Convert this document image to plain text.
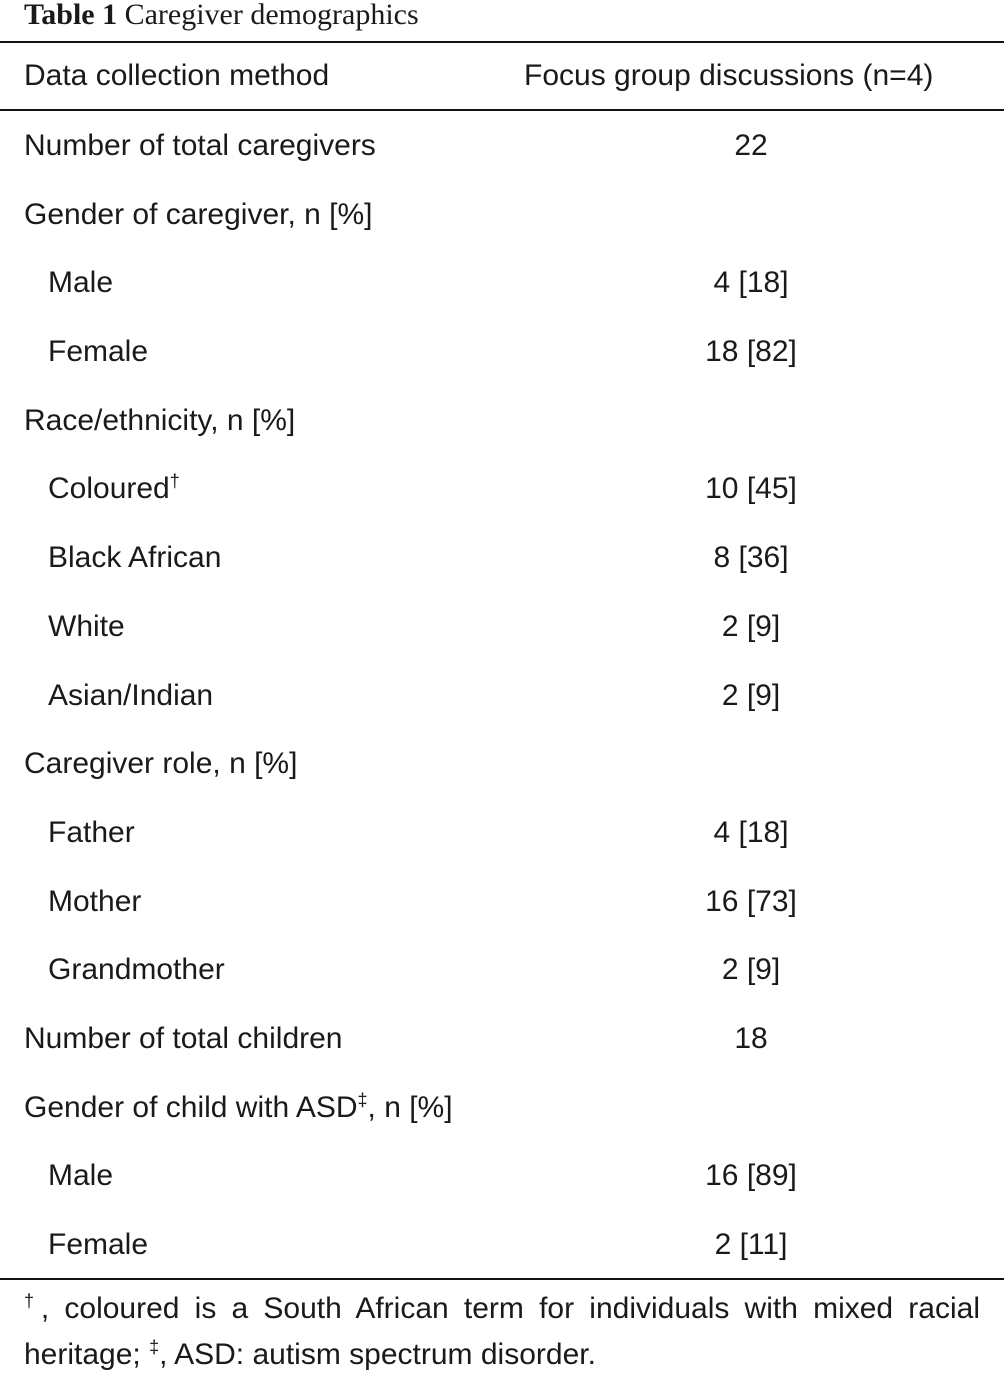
Table 1 Caregiver demographics
Data collection method	Focus group discussions (n=4)
Number of total caregivers	22
Gender of caregiver, n [%]
Male	4 [18]
Female	18 [82]
Race/ethnicity, n [%]
Coloured†	10 [45]
Black African	8 [36]
White	2 [9]
Asian/Indian	2 [9]
Caregiver role, n [%]
Father	4 [18]
Mother	16 [73]
Grandmother	2 [9]
Number of total children	18
Gender of child with ASD‡, n [%]
Male	16 [89]
Female	2 [11]
†, coloured is a South African term for individuals with mixed racial heritage; ‡, ASD: autism spectrum disorder.
